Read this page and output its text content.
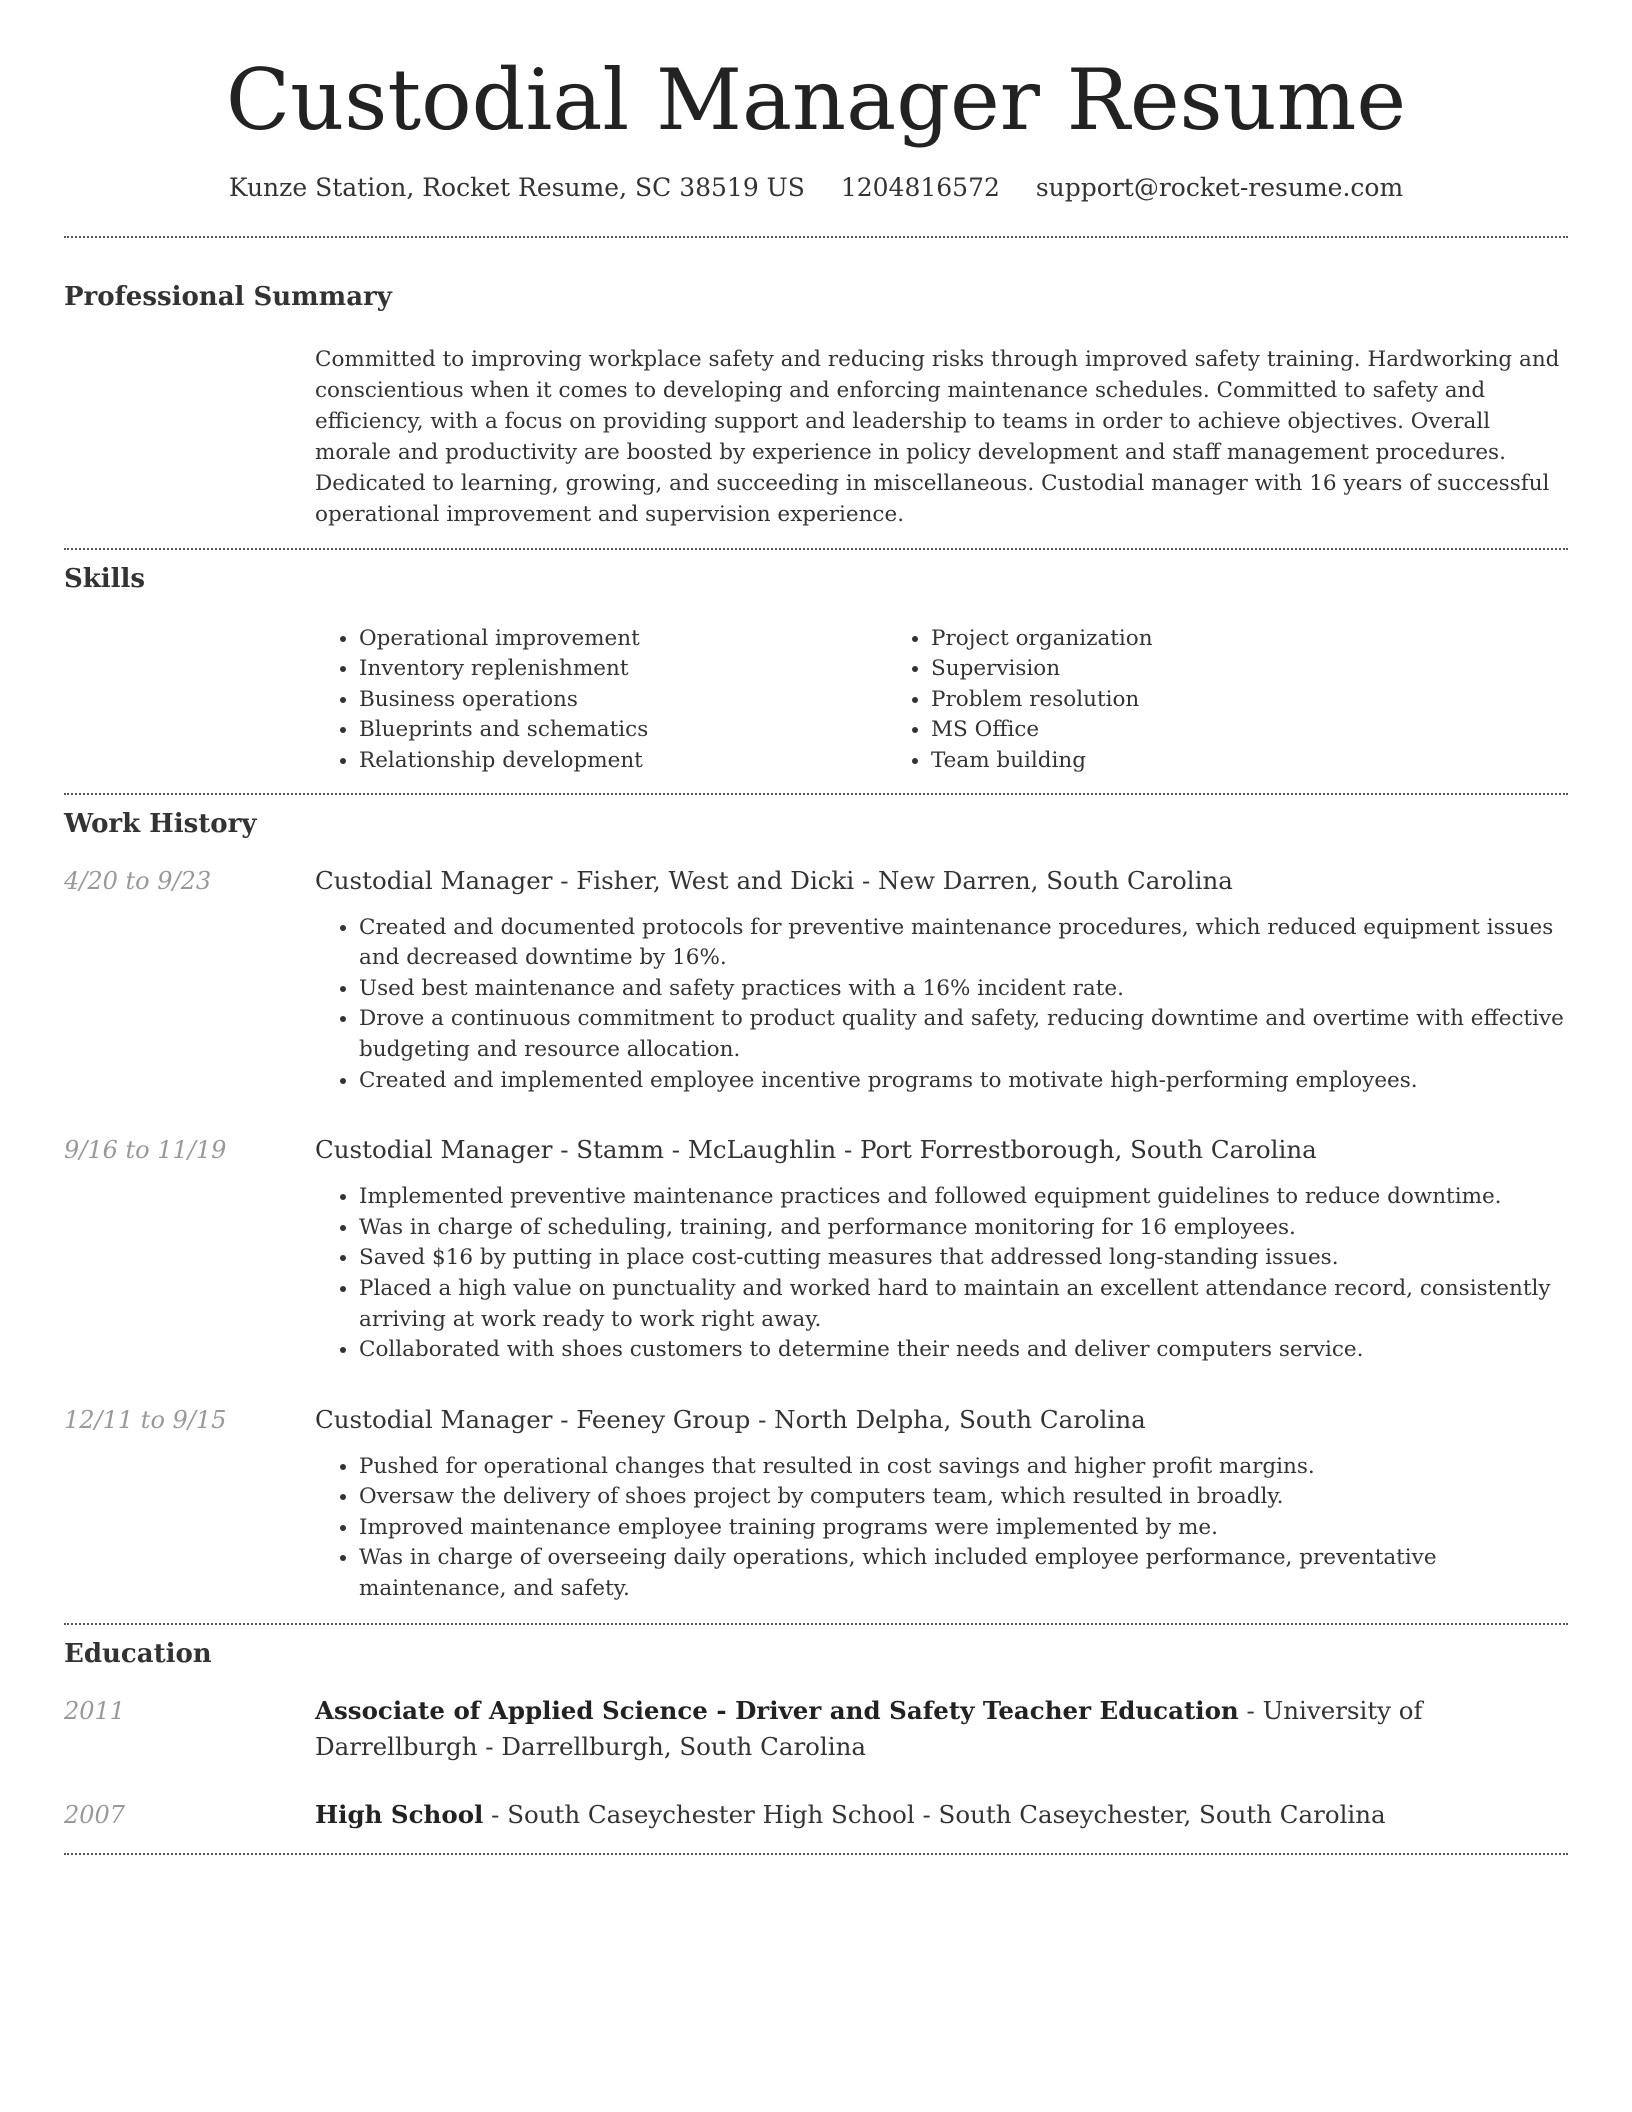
Custodial Manager Resume
Kunze Station, Rocket Resume, SC 38519 US 1204816572 support@rocket-resume.com
Professional Summary
Committed to improving workplace safety and reducing risks through improved safety training. Hardworking and conscientious when it comes to developing and enforcing maintenance schedules. Committed to safety and efficiency, with a focus on providing support and leadership to teams in order to achieve objectives. Overall morale and productivity are boosted by experience in policy development and staff management procedures. Dedicated to learning, growing, and succeeding in miscellaneous. Custodial manager with 16 years of successful operational improvement and supervision experience.
Skills
• Operational improvement
• Inventory replenishment
• Business operations
• Blueprints and schematics
• Relationship development
• Project organization
• Supervision
• Problem resolution
• MS Office
• Team building
Work History
4/20 to 9/23	Custodial Manager - Fisher, West and Dicki - New Darren, South Carolina
• Created and documented protocols for preventive maintenance procedures, which reduced equipment issues and decreased downtime by 16%.
• Used best maintenance and safety practices with a 16% incident rate.
• Drove a continuous commitment to product quality and safety, reducing downtime and overtime with effective budgeting and resource allocation.
• Created and implemented employee incentive programs to motivate high-performing employees.
9/16 to 11/19	Custodial Manager - Stamm - McLaughlin - Port Forrestborough, South Carolina
• Implemented preventive maintenance practices and followed equipment guidelines to reduce downtime.
• Was in charge of scheduling, training, and performance monitoring for 16 employees.
• Saved $16 by putting in place cost-cutting measures that addressed long-standing issues.
• Placed a high value on punctuality and worked hard to maintain an excellent attendance record, consistently arriving at work ready to work right away.
• Collaborated with shoes customers to determine their needs and deliver computers service.
12/11 to 9/15	Custodial Manager - Feeney Group - North Delpha, South Carolina
• Pushed for operational changes that resulted in cost savings and higher profit margins.
• Oversaw the delivery of shoes project by computers team, which resulted in broadly.
• Improved maintenance employee training programs were implemented by me.
• Was in charge of overseeing daily operations, which included employee performance, preventative maintenance, and safety.
Education
2011	Associate of Applied Science - Driver and Safety Teacher Education - University of Darrellburgh - Darrellburgh, South Carolina
2007	High School - South Caseychester High School - South Caseychester, South Carolina
